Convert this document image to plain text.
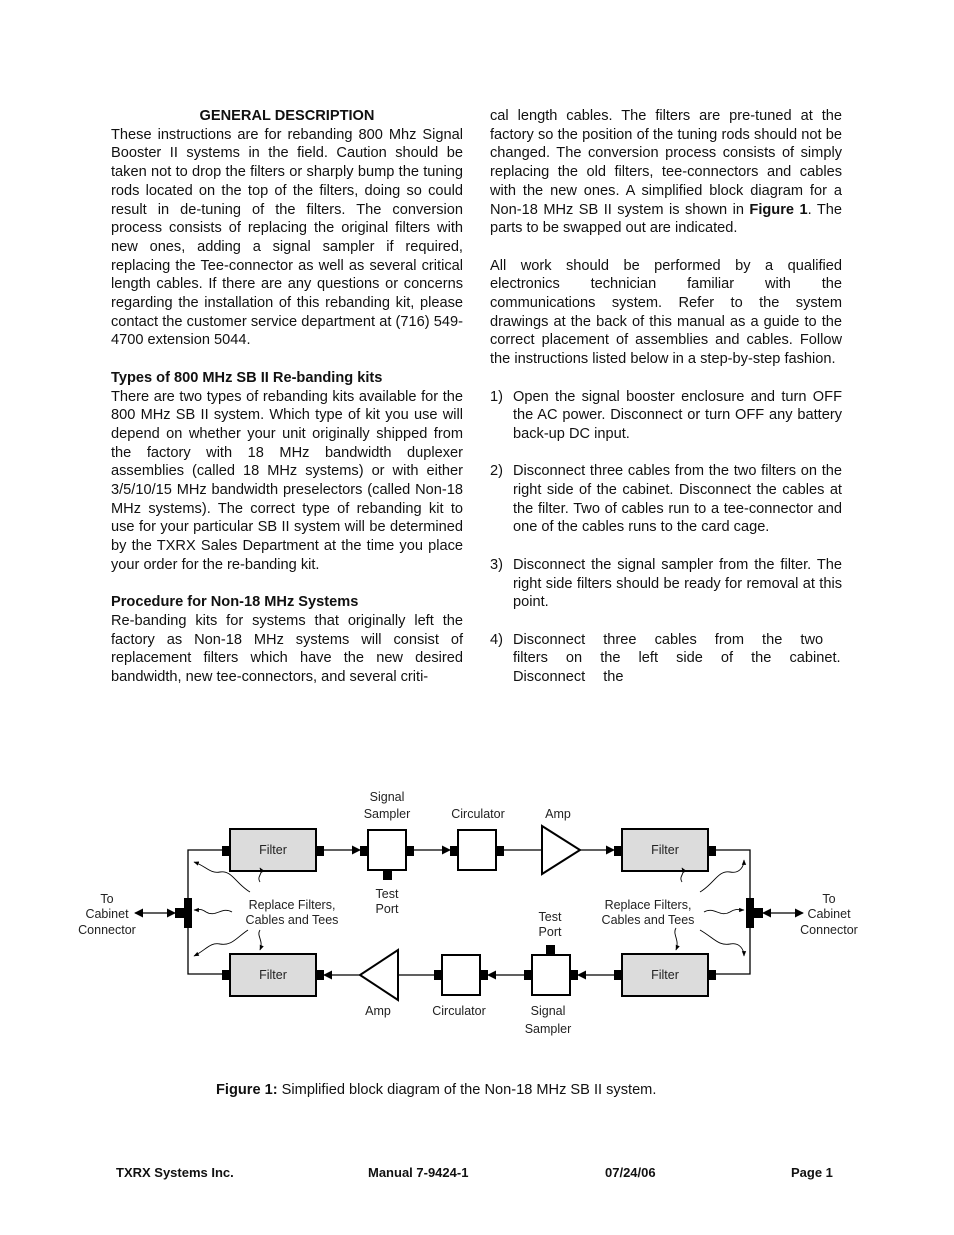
GENERAL DESCRIPTION

These instructions are for rebanding 800 Mhz Signal Booster II systems in the field. Caution should be taken not to drop the filters or sharply bump the tuning rods located on the top of the filters, doing so could result in de-tuning of the filters. The conversion process consists of replacing the original filters with new ones, adding a signal sampler if required, replacing the Tee-connector as well as several critical length cables. If there are any questions or concerns regarding the installation of this rebanding kit, please contact the customer service department at (716) 549-4700 extension 5044.

Types of 800 MHz SB II Re-banding kits

There are two types of rebanding kits available for the 800 MHz SB II system. Which type of kit you use will depend on whether your unit originally shipped from the factory with 18 MHz bandwidth duplexer assemblies (called 18 MHz systems) or with either 3/5/10/15 MHz bandwidth preselectors (called Non-18 MHz systems). The correct type of rebanding kit to use for your particular SB II system will be determined by the TXRX Sales Department at the time you place your order for the re-banding kit.

Procedure for Non-18 MHz Systems

Re-banding kits for systems that originally left the factory as Non-18 MHz systems will consist of replacement filters which have the new desired bandwidth, new tee-connectors, and several criti-

cal length cables. The filters are pre-tuned at the factory so the position of the tuning rods should not be changed. The conversion process consists of simply replacing the old filters, tee-connectors and cables with the new ones. A simplified block diagram for a Non-18 MHz SB II system is shown in Figure 1. The parts to be swapped out are indicated.

All work should be performed by a qualified electronics technician familiar with the communications system. Refer to the system drawings at the back of this manual as a guide to the correct placement of assemblies and cables. Follow the instructions listed below in a step-by-step fashion.

1) Open the signal booster enclosure and turn OFF the AC power. Disconnect or turn OFF any battery back-up DC input.
2) Disconnect three cables from the two filters on the right side of the cabinet. Disconnect the cables at the filter. Two of cables run to a tee-connector and one of the cables runs to the card cage.
3) Disconnect the signal sampler from the filter. The right side filters should be ready for removal at this point.
4) Disconnect three cables from the two filters on the left side of the cabinet. Disconnect the
Filter	Filter
Filter	Filter
Signal
Sampler	Circulator	Amp
Test
Port
Test
Port
Amp	Circulator	Signal
Sampler
Replace Filters,
Cables and Tees
Replace Filters,
Cables and Tees
To
Cabinet
Connector
To
Cabinet
Connector
Figure 1: Simplified block diagram of the Non-18 MHz SB II system.
TXRX Systems Inc.	Manual 7-9424-1	07/24/06	Page 1
